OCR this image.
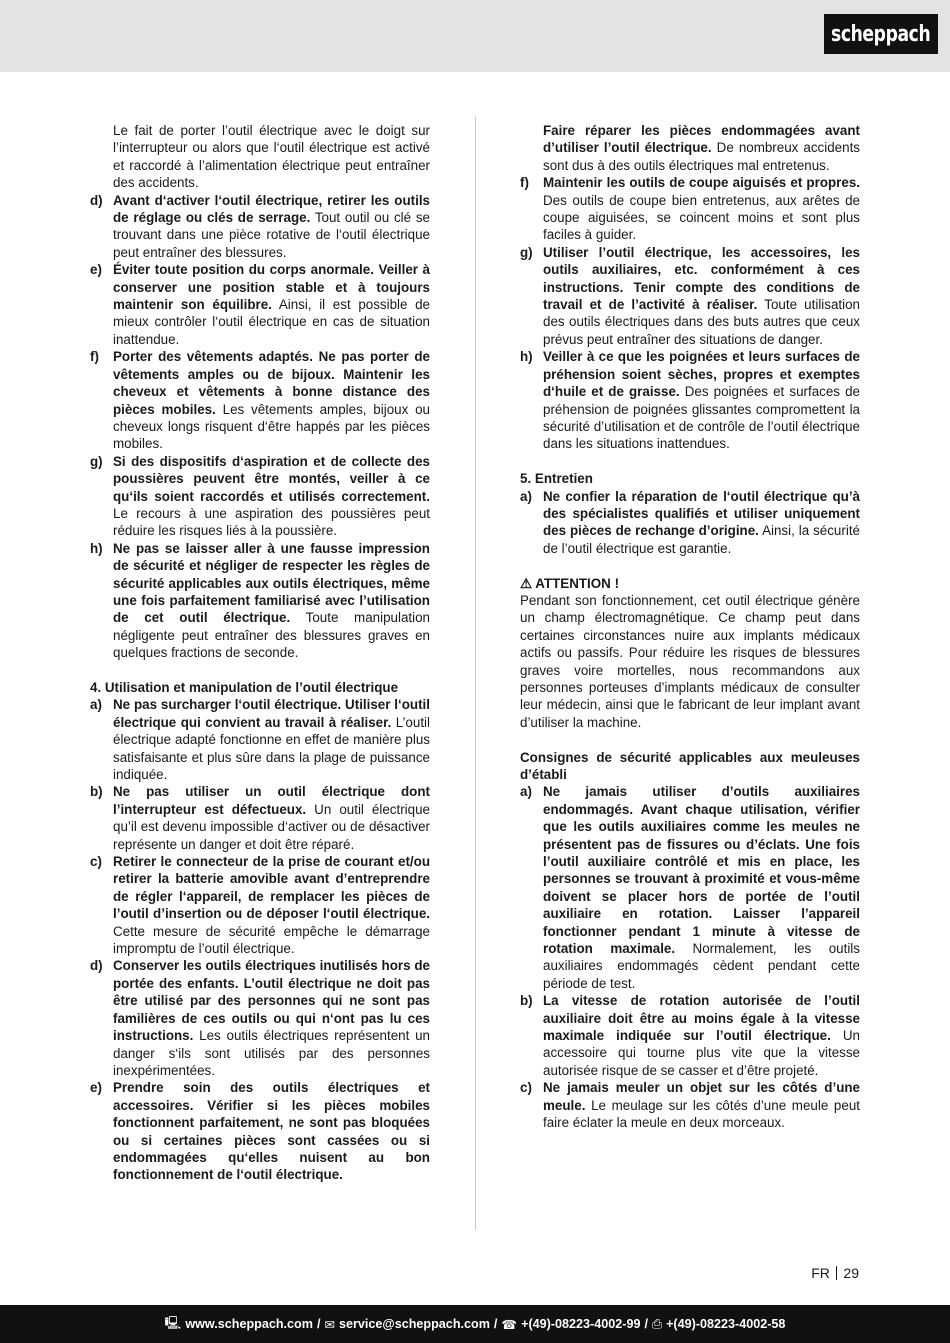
scheppach

Le fait de porter l’outil électrique avec le doigt sur l’interrupteur ou alors que l‘outil électrique est activé et raccordé à l’alimentation électrique peut entraîner des accidents.

d) Avant d‘activer l‘outil électrique, retirer les outils de réglage ou clés de serrage. Tout outil ou clé se trouvant dans une pièce rotative de l‘outil électrique peut entraîner des blessures.

e) Éviter toute position du corps anormale. Veiller à conserver une position stable et à toujours maintenir son équilibre. Ainsi, il est possible de mieux contrôler l‘outil électrique en cas de situation inattendue.

f) Porter des vêtements adaptés. Ne pas porter de vêtements amples ou de bijoux. Maintenir les cheveux et vêtements à bonne distance des pièces mobiles. Les vêtements amples, bijoux ou cheveux longs risquent d‘être happés par les pièces mobiles.

g) Si des dispositifs d‘aspiration et de collecte des poussières peuvent être montés, veiller à ce qu‘ils soient raccordés et utilisés correctement. Le recours à une aspiration des poussières peut réduire les risques liés à la poussière.

h) Ne pas se laisser aller à une fausse impression de sécurité et négliger de respecter les règles de sécurité applicables aux outils électriques, même une fois parfaitement familiarisé avec l’utilisation de cet outil électrique. Toute manipulation négligente peut entraîner des blessures graves en quelques fractions de seconde.

4. Utilisation et manipulation de l’outil électrique

a) Ne pas surcharger l‘outil électrique. Utiliser l‘outil électrique qui convient au travail à réaliser. L’outil électrique adapté fonctionne en effet de manière plus satisfaisante et plus sûre dans la plage de puissance indiquée.

b) Ne pas utiliser un outil électrique dont l’interrupteur est défectueux. Un outil électrique qu’il est devenu impossible d‘activer ou de désactiver représente un danger et doit être réparé.

c) Retirer le connecteur de la prise de courant et/ou retirer la batterie amovible avant d’entreprendre de régler l‘appareil, de remplacer les pièces de l’outil d’insertion ou de déposer l‘outil électrique. Cette mesure de sécurité empêche le démarrage impromptu de l’outil électrique.

d) Conserver les outils électriques inutilisés hors de portée des enfants. L’outil électrique ne doit pas être utilisé par des personnes qui ne sont pas familières de ces outils ou qui n‘ont pas lu ces instructions. Les outils électriques représentent un danger s‘ils sont utilisés par des personnes inexpérimentées.

e) Prendre soin des outils électriques et accessoires. Vérifier si les pièces mobiles fonctionnent parfaitement, ne sont pas bloquées ou si certaines pièces sont cassées ou si endommagées qu‘elles nuisent au bon fonctionnement de l‘outil électrique.

Faire réparer les pièces endommagées avant d’utiliser l’outil électrique. De nombreux accidents sont dus à des outils électriques mal entretenus.

f) Maintenir les outils de coupe aiguisés et propres. Des outils de coupe bien entretenus, aux arêtes de coupe aiguisées, se coincent moins et sont plus faciles à guider.

g) Utiliser l’outil électrique, les accessoires, les outils auxiliaires, etc. conformément à ces instructions. Tenir compte des conditions de travail et de l’activité à réaliser. Toute utilisation des outils électriques dans des buts autres que ceux prévus peut entraîner des situations de danger.

h) Veiller à ce que les poignées et leurs surfaces de préhension soient sèches, propres et exemptes d‘huile et de graisse. Des poignées et surfaces de préhension de poignées glissantes compromettent la sécurité d’utilisation et de contrôle de l’outil électrique dans les situations inattendues.

5. Entretien

a) Ne confier la réparation de l‘outil électrique qu’à des spécialistes qualifiés et utiliser uniquement des pièces de rechange d’origine. Ainsi, la sécurité de l’outil électrique est garantie.

⚠ ATTENTION !

Pendant son fonctionnement, cet outil électrique génère un champ électromagnétique. Ce champ peut dans certaines circonstances nuire aux implants médicaux actifs ou passifs. Pour réduire les risques de blessures graves voire mortelles, nous recommandons aux personnes porteuses d’implants médicaux de consulter leur médecin, ainsi que le fabricant de leur implant avant d’utiliser la machine.

Consignes de sécurité applicables aux meuleuses d’établi

a) Ne jamais utiliser d’outils auxiliaires endommagés. Avant chaque utilisation, vérifier que les outils auxiliaires comme les meules ne présentent pas de fissures ou d’éclats. Une fois l’outil auxiliaire contrôlé et mis en place, les personnes se trouvant à proximité et vous-même doivent se placer hors de portée de l’outil auxiliaire en rotation. Laisser l’appareil fonctionner pendant 1 minute à vitesse de rotation maximale. Normalement, les outils auxiliaires endommagés cèdent pendant cette période de test.

b) La vitesse de rotation autorisée de l’outil auxiliaire doit être au moins égale à la vitesse maximale indiquée sur l’outil électrique. Un accessoire qui tourne plus vite que la vitesse autorisée risque de se casser et d’être projeté.

c) Ne jamais meuler un objet sur les côtés d’une meule. Le meulage sur les côtés d’une meule peut faire éclater la meule en deux morceaux.

FR 29
🖳 www.scheppach.com / ✉ service@scheppach.com / ☎ +(49)-08223-4002-99 / ⎙ +(49)-08223-4002-58
